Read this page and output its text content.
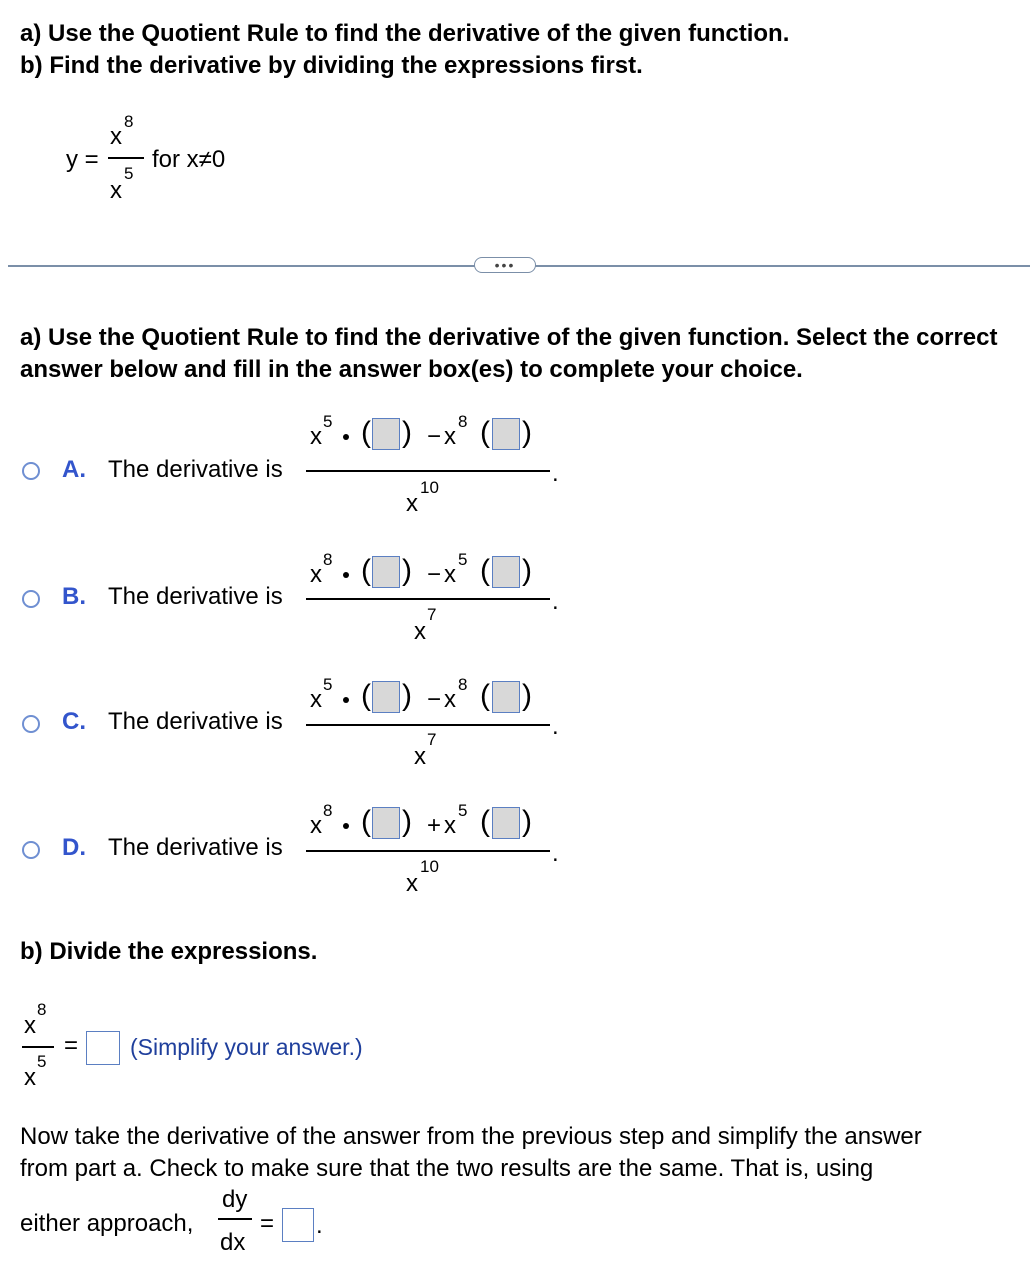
a) Use the Quotient Rule to find the derivative of the given function.
b) Find the derivative by dividing the expressions first.
y =
x
8
x
5
for x≠0
•••
a) Use the Quotient Rule to find the derivative of the given function. Select the correct
answer below and fill in the answer box(es) to complete your choice.
A. The derivative is
x
5 ( ) − x
8 ( )
x
10
.
B. The derivative is
x
8 ( ) − x
5 ( )
x
7	.
C. The derivative is
x
5 ( ) − x
8 ( )
x
7	.
D. The derivative is
x
8 ( ) + x
5 ( )
x
10	.
b) Divide the expressions.
x
8
x
5
= (Simplify your answer.)
Now take the derivative of the answer from the previous step and simplify the answer
from part a. Check to make sure that the two results are the same. That is, using
either approach,
dy
dx
= .
